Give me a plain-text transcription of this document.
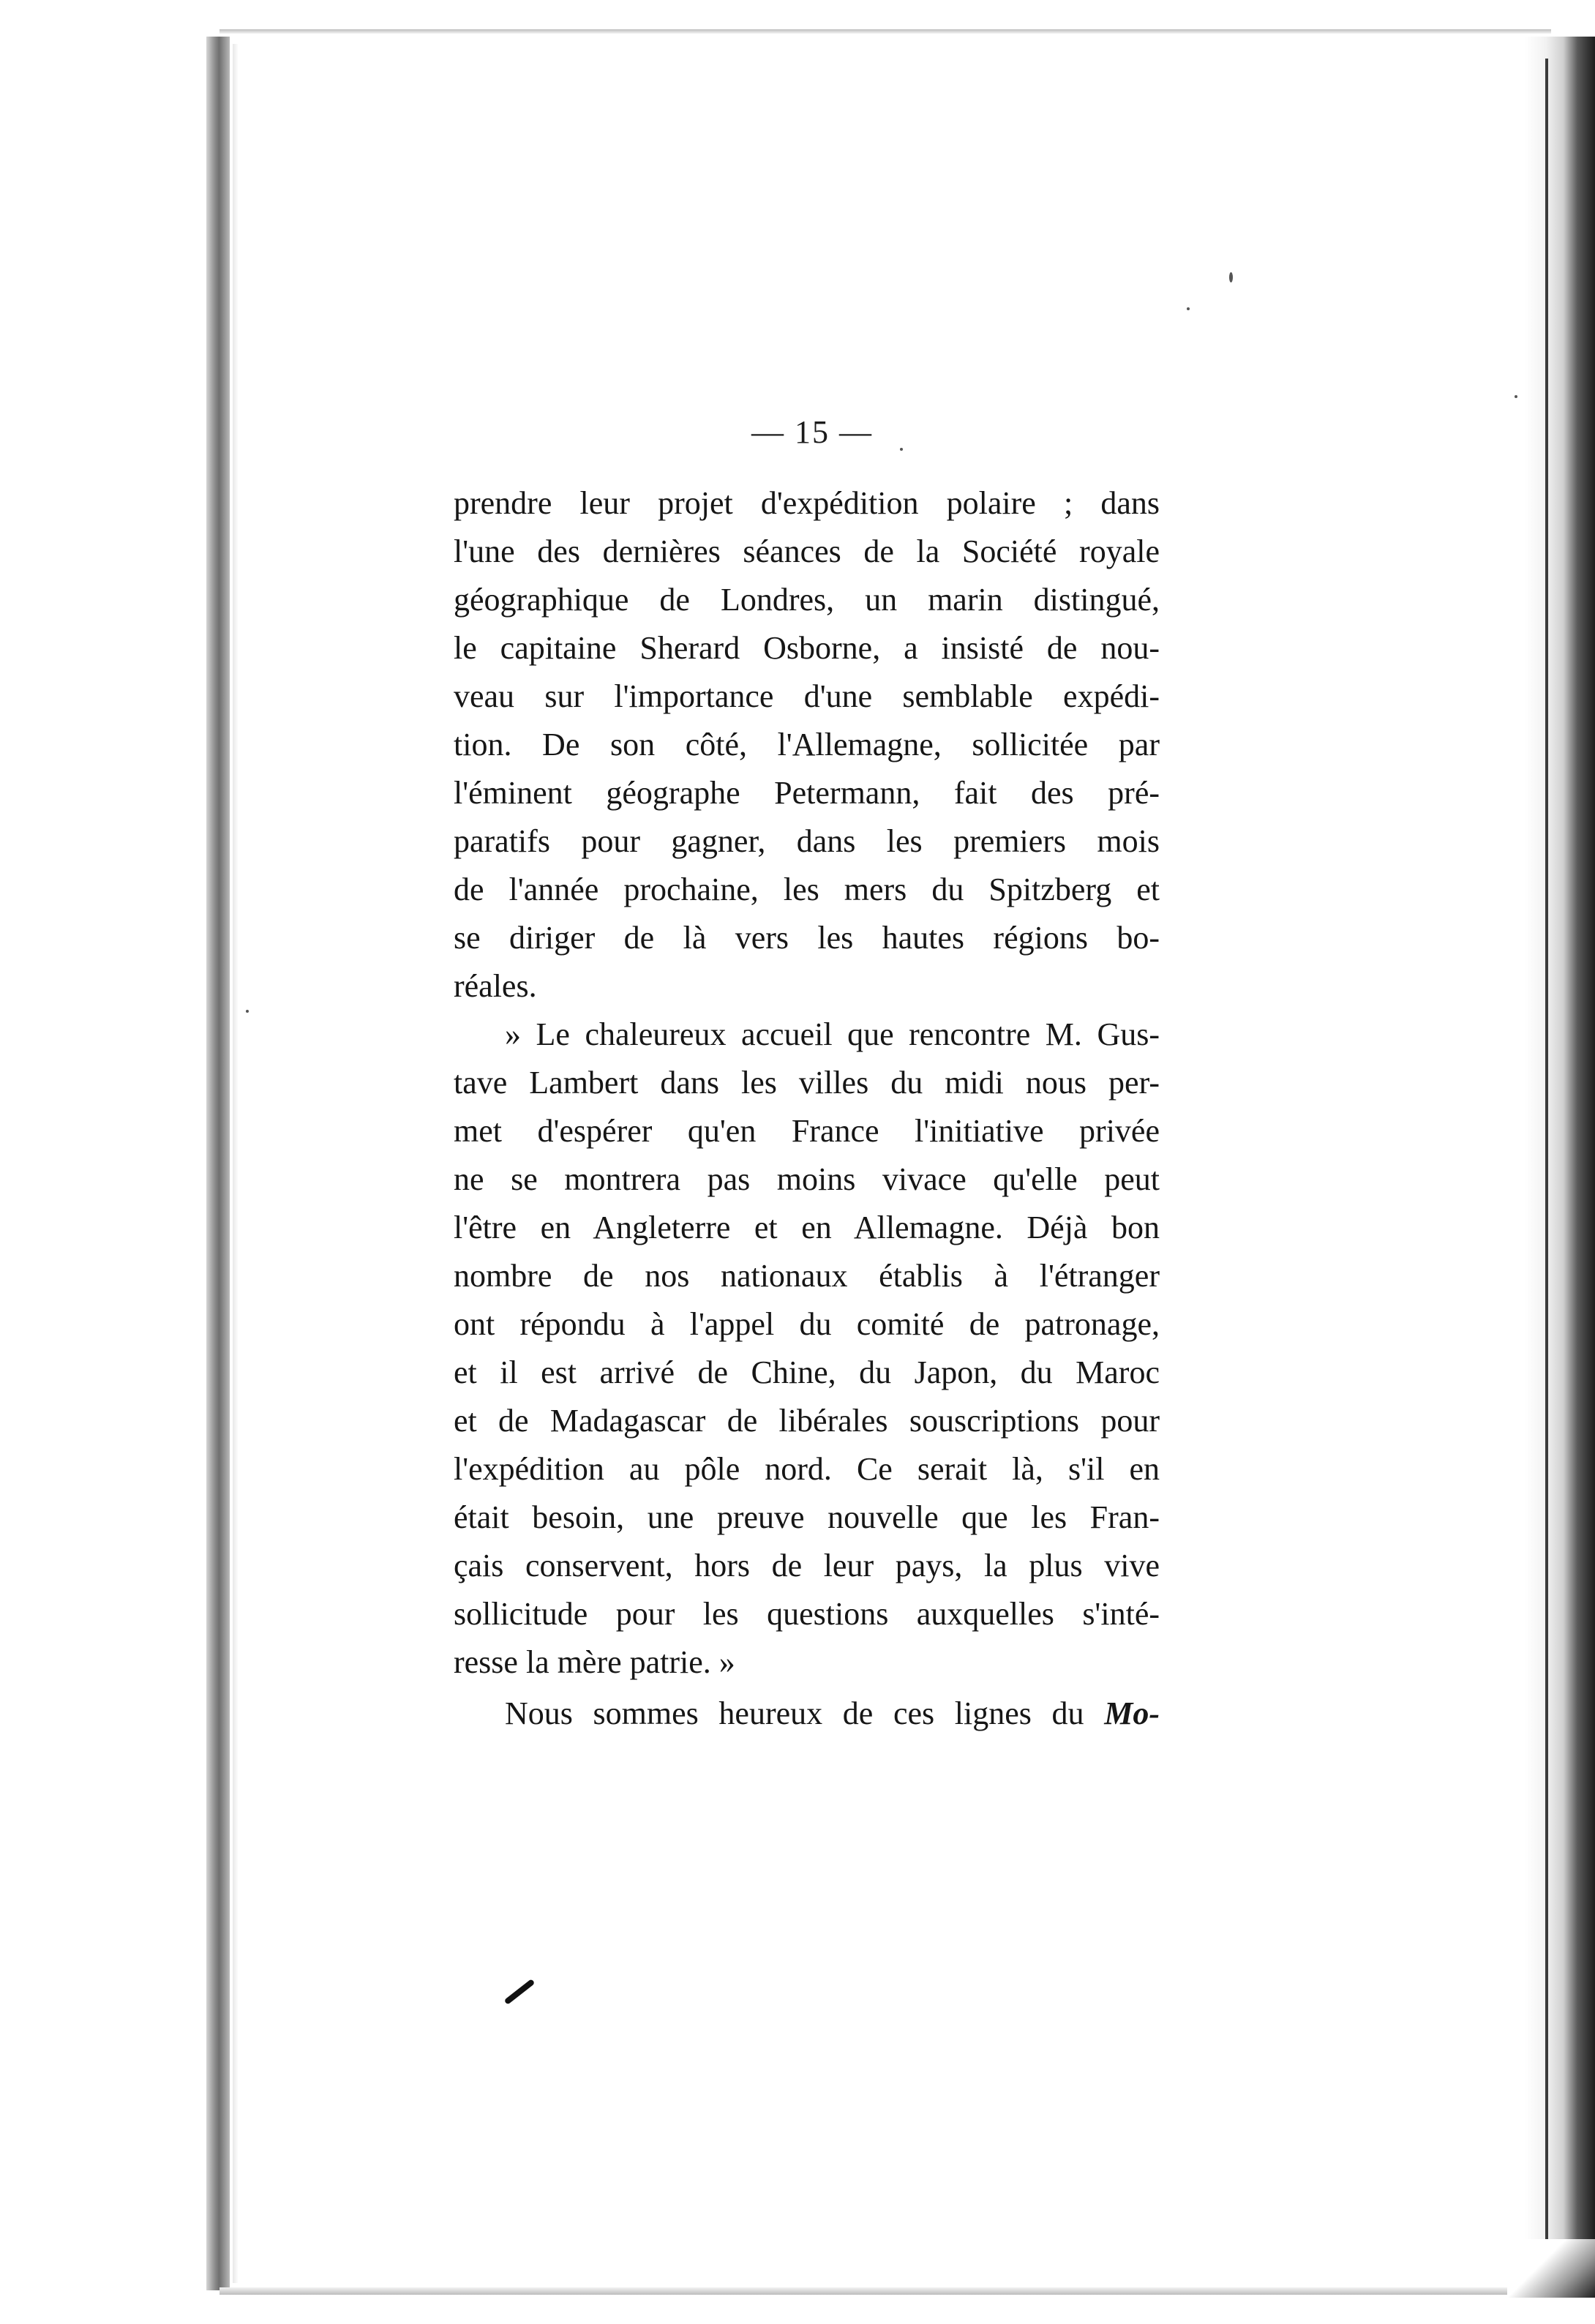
— 15 —
prendre leur projet d'expédition polaire ; dans
l'une des dernières séances de la Société royale
géographique de Londres, un marin distingué,
le capitaine Sherard Osborne, a insisté de nou-
veau sur l'importance d'une semblable expédi-
tion. De son côté, l'Allemagne, sollicitée par
l'éminent géographe Petermann, fait des pré-
paratifs pour gagner, dans les premiers mois
de l'année prochaine, les mers du Spitzberg et
se diriger de là vers les hautes régions bo-
réales.
» Le chaleureux accueil que rencontre M. Gus-
tave Lambert dans les villes du midi nous per-
met d'espérer qu'en France l'initiative privée
ne se montrera pas moins vivace qu'elle peut
l'être en Angleterre et en Allemagne. Déjà bon
nombre de nos nationaux établis à l'étranger
ont répondu à l'appel du comité de patronage,
et il est arrivé de Chine, du Japon, du Maroc
et de Madagascar de libérales souscriptions pour
l'expédition au pôle nord. Ce serait là, s'il en
était besoin, une preuve nouvelle que les Fran-
çais conservent, hors de leur pays, la plus vive
sollicitude pour les questions auxquelles s'inté-
resse la mère patrie. »
Nous sommes heureux de ces lignes du Mo-
